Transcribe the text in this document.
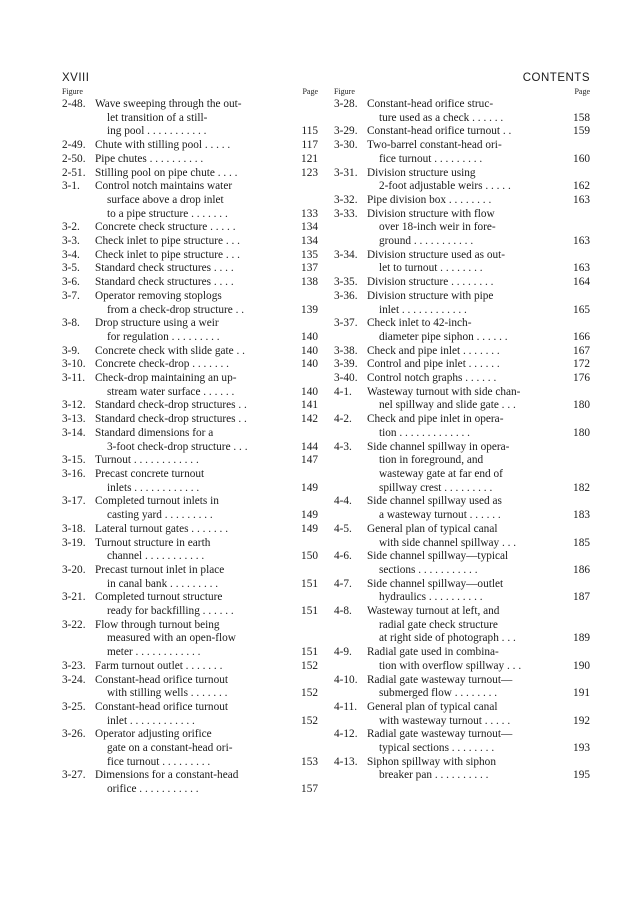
XVIII	CONTENTS
Figure	Page
2-48. Wave sweeping through the out-
let transition of a still-
ing pool . . . . . . . . . . .	115
2-49. Chute with stilling pool . . . . .	117
2-50. Pipe chutes . . . . . . . . . .	121
2-51. Stilling pool on pipe chute . . . .	123
3-1.	Control notch maintains water
surface above a drop inlet
to a pipe structure . . . . . . .	133
3-2.	Concrete check structure . . . . .	134
3-3.	Check inlet to pipe structure . . .	134
3-4.	Check inlet to pipe structure . . .	135
3-5.	Standard check structures . . . .	137
3-6.	Standard check structures . . . .	138
3-7.	Operator removing stoplogs
from a check-drop structure . .	139
3-8.	Drop structure using a weir
for regulation . . . . . . . . .	140
3-9.	Concrete check with slide gate . .	140
3-10. Concrete check-drop . . . . . . .	140
3-11. Check-drop maintaining an up-
stream water surface . . . . . .	140
3-12. Standard check-drop structures . .	141
3-13. Standard check-drop structures . .	142
3-14. Standard dimensions for a
3-foot check-drop structure . . .	144
3-15. Turnout . . . . . . . . . . . .	147
3-16. Precast concrete turnout
inlets . . . . . . . . . . . .	149
3-17. Completed turnout inlets in
casting yard . . . . . . . . .	149
3-18. Lateral turnout gates . . . . . . .	149
3-19. Turnout structure in earth
channel . . . . . . . . . . .	150
3-20. Precast turnout inlet in place
in canal bank . . . . . . . . .	151
3-21. Completed turnout structure
ready for backfilling . . . . . .	151
3-22. Flow through turnout being
measured with an open-flow
meter . . . . . . . . . . . .	151
3-23. Farm turnout outlet . . . . . . .	152
3-24. Constant-head orifice turnout
with stilling wells . . . . . . .	152
3-25. Constant-head orifice turnout
inlet . . . . . . . . . . . .	152
3-26. Operator adjusting orifice
gate on a constant-head ori-
fice turnout . . . . . . . . .	153
3-27. Dimensions for a constant-head
orifice . . . . . . . . . . .	157
Figure	Page
3-28. Constant-head orifice struc-
ture used as a check . . . . . .	158
3-29. Constant-head orifice turnout . .	159
3-30. Two-barrel constant-head ori-
fice turnout . . . . . . . . .	160
3-31. Division structure using
2-foot adjustable weirs . . . . .	162
3-32. Pipe division box . . . . . . . .	163
3-33. Division structure with flow
over 18-inch weir in fore-
ground . . . . . . . . . . .	163
3-34. Division structure used as out-
let to turnout . . . . . . . .	163
3-35. Division structure . . . . . . . .	164
3-36. Division structure with pipe
inlet . . . . . . . . . . . .	165
3-37. Check inlet to 42-inch-
diameter pipe siphon . . . . . .	166
3-38. Check and pipe inlet . . . . . . .	167
3-39. Control and pipe inlet . . . . . .	172
3-40. Control notch graphs . . . . . .	176
4-1.	Wasteway turnout with side chan-
nel spillway and slide gate . . .	180
4-2.	Check and pipe inlet in opera-
tion . . . . . . . . . . . . .	180
4-3.	Side channel spillway in opera-
tion in foreground, and
wasteway gate at far end of
spillway crest . . . . . . . . .	182
4-4.	Side channel spillway used as
a wasteway turnout . . . . . .	183
4-5.	General plan of typical canal
with side channel spillway . . .	185
4-6.	Side channel spillway—typical
sections . . . . . . . . . . .	186
4-7.	Side channel spillway—outlet
hydraulics . . . . . . . . . .	187
4-8.	Wasteway turnout at left, and
radial gate check structure
at right side of photograph . . .	189
4-9.	Radial gate used in combina-
tion with overflow spillway . . .	190
4-10. Radial gate wasteway turnout—
submerged flow . . . . . . . .	191
4-11. General plan of typical canal
with wasteway turnout . . . . .	192
4-12. Radial gate wasteway turnout—
typical sections . . . . . . . .	193
4-13. Siphon spillway with siphon
breaker pan . . . . . . . . . .	195
